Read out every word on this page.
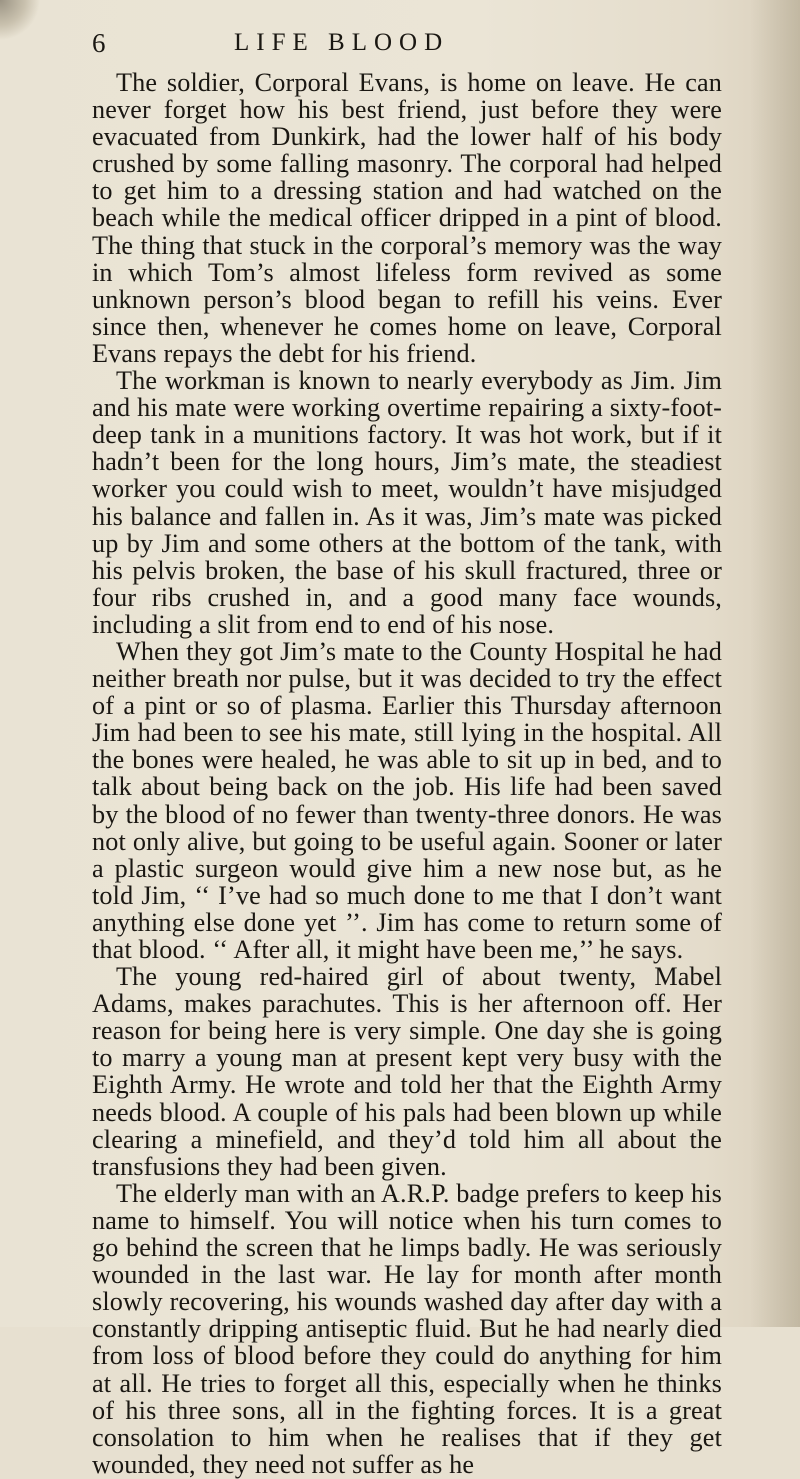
6	LIFE BLOOD

The soldier, Corporal Evans, is home on leave. He can never forget how his best friend, just before they were evacuated from Dunkirk, had the lower half of his body crushed by some falling masonry. The corporal had helped to get him to a dressing station and had watched on the beach while the medical officer dripped in a pint of blood. The thing that stuck in the corporal’s memory was the way in which Tom’s almost lifeless form revived as some unknown person’s blood began to refill his veins. Ever since then, whenever he comes home on leave, Corporal Evans repays the debt for his friend.

The workman is known to nearly everybody as Jim. Jim and his mate were working overtime repairing a sixty-foot-deep tank in a munitions factory. It was hot work, but if it hadn’t been for the long hours, Jim’s mate, the steadiest worker you could wish to meet, wouldn’t have misjudged his balance and fallen in. As it was, Jim’s mate was picked up by Jim and some others at the bottom of the tank, with his pelvis broken, the base of his skull fractured, three or four ribs crushed in, and a good many face wounds, including a slit from end to end of his nose.

When they got Jim’s mate to the County Hospital he had neither breath nor pulse, but it was decided to try the effect of a pint or so of plasma. Earlier this Thursday afternoon Jim had been to see his mate, still lying in the hospital. All the bones were healed, he was able to sit up in bed, and to talk about being back on the job. His life had been saved by the blood of no fewer than twenty-three donors. He was not only alive, but going to be useful again. Sooner or later a plastic surgeon would give him a new nose but, as he told Jim, ‘‘ I’ve had so much done to me that I don’t want anything else done yet ’’. Jim has come to return some of that blood. ‘‘ After all, it might have been me,’’ he says.

The young red-haired girl of about twenty, Mabel Adams, makes parachutes. This is her afternoon off. Her reason for being here is very simple. One day she is going to marry a young man at present kept very busy with the Eighth Army. He wrote and told her that the Eighth Army needs blood. A couple of his pals had been blown up while clearing a minefield, and they’d told him all about the transfusions they had been given.

The elderly man with an A.R.P. badge prefers to keep his name to himself. You will notice when his turn comes to go behind the screen that he limps badly. He was seriously wounded in the last war. He lay for month after month slowly recovering, his wounds washed day after day with a constantly dripping antiseptic fluid. But he had nearly died from loss of blood before they could do anything for him at all. He tries to forget all this, especially when he thinks of his three sons, all in the fighting forces. It is a great consolation to him when he realises that if they get wounded, they need not suffer as he
